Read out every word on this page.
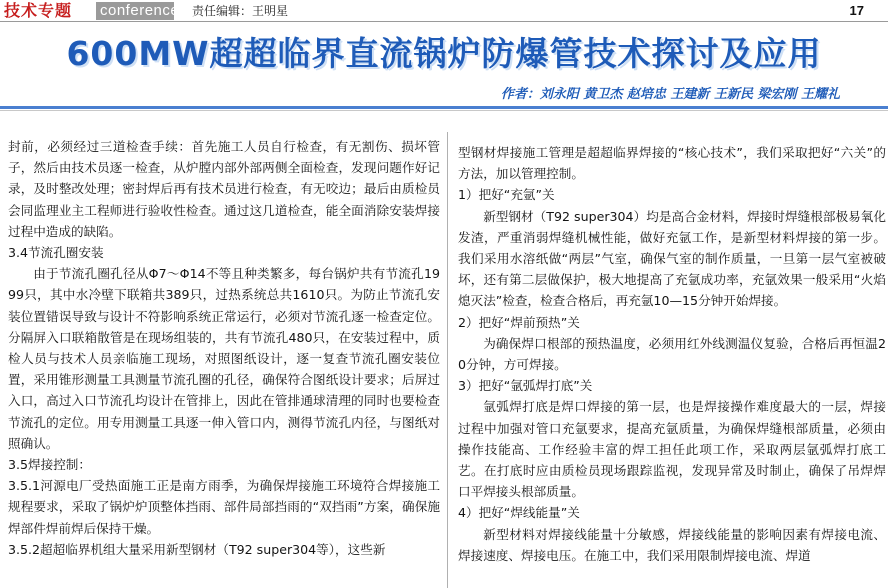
技术专题 conference 责任编辑：王明星	17
600MW超超临界直流锅炉防爆管技术探讨及应用
作者：刘永阳 黄卫杰 赵培忠 王建新 王新民 梁宏刚 王耀礼

封前，必须经过三道检查手续：首先施工人员自行检查，有无割伤、损坏管子，然后由技术员逐一检查，从炉膛内部外部两侧全面检查，发现问题作好记录，及时整改处理；密封焊后再有技术员进行检查，有无咬边；最后由质检员会同监理业主工程师进行验收性检查。通过这几道检查，能全面消除安装焊接过程中造成的缺陷。

3.4节流孔圈安装

由于节流孔圈孔径从Φ7～Φ14不等且种类繁多，每台锅炉共有节流孔1999只，其中水冷壁下联箱共389只，过热系统总共1610只。为防止节流孔安装位置错误导致与设计不符影响系统正常运行，必须对节流孔逐一检查定位。分隔屏入口联箱散管是在现场组装的，共有节流孔480只，在安装过程中，质检人员与技术人员亲临施工现场，对照图纸设计，逐一复查节流孔圈安装位置，采用锥形测量工具测量节流孔圈的孔径，确保符合图纸设计要求；后屏过入口，高过入口节流孔均设计在管排上，因此在管排通球清理的同时也要检查节流孔的定位。用专用测量工具逐一伸入管口内，测得节流孔内径，与图纸对照确认。

3.5焊接控制：

3.5.1河源电厂受热面施工正是南方雨季，为确保焊接施工环境符合焊接施工规程要求，采取了锅炉炉顶整体挡雨、部件局部挡雨的“双挡雨”方案，确保施焊部件焊前焊后保持干燥。

3.5.2超超临界机组大量采用新型钢材（T92 super304等），这些新

型钢材焊接施工管理是超超临界焊接的“核心技术”，我们采取把好“六关”的方法，加以管理控制。

1）把好“充氩”关

新型钢材（T92 super304）均是高合金材料，焊接时焊缝根部极易氧化发渣，严重消弱焊缝机械性能，做好充氩工作，是新型材料焊接的第一步。我们采用水溶纸做“两层”气室，确保气室的制作质量，一旦第一层气室被破坏，还有第二层做保护，极大地提高了充氩成功率，充氩效果一般采用“火焰熄灭法”检查，检查合格后，再充氩10—15分钟开始焊接。

2）把好“焊前预热”关

为确保焊口根部的预热温度，必须用红外线测温仪复验，合格后再恒温20分钟，方可焊接。

3）把好“氩弧焊打底”关

氩弧焊打底是焊口焊接的第一层，也是焊接操作难度最大的一层，焊接过程中加强对管口充氩要求，提高充氩质量，为确保焊缝根部质量，必须由操作技能高、工作经验丰富的焊工担任此项工作，采取两层氩弧焊打底工艺。在打底时应由质检员现场跟踪监视，发现异常及时制止，确保了吊焊焊口平焊接头根部质量。

4）把好“焊线能量”关

新型材料对焊接线能量十分敏感，焊接线能量的影响因素有焊接电流、焊接速度、焊接电压。在施工中，我们采用限制焊接电流、焊道
